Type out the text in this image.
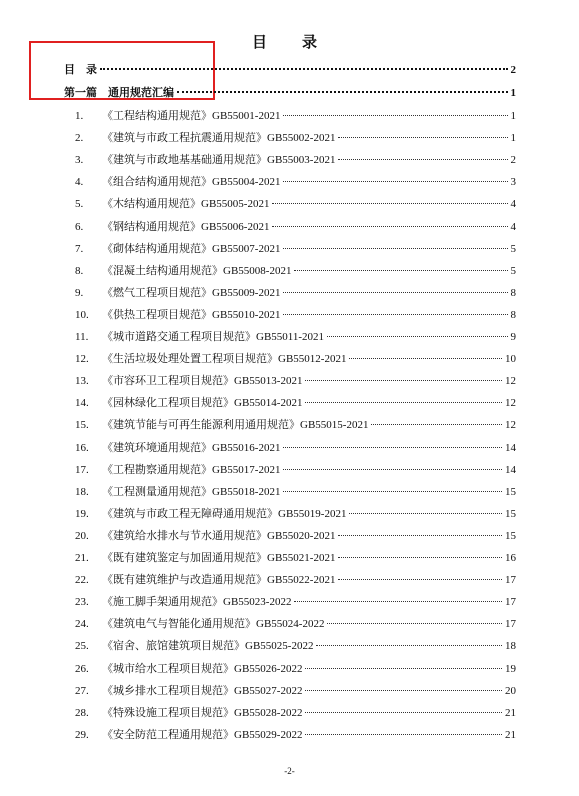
目　录
目　录	2
第一篇　通用规范汇编	1
1.	《工程结构通用规范》GB55001-2021	1
2.	《建筑与市政工程抗震通用规范》GB55002-2021	1
3.	《建筑与市政地基基础通用规范》GB55003-2021	2
4.	《组合结构通用规范》GB55004-2021	3
5.	《木结构通用规范》GB55005-2021	4
6.	《钢结构通用规范》GB55006-2021	4
7.	《砌体结构通用规范》GB55007-2021	5
8.	《混凝土结构通用规范》GB55008-2021	5
9.	《燃气工程项目规范》GB55009-2021	8
10.	《供热工程项目规范》GB55010-2021	8
11.	《城市道路交通工程项目规范》GB55011-2021	9
12.	《生活垃圾处理处置工程项目规范》GB55012-2021	10
13.	《市容环卫工程项目规范》GB55013-2021	12
14.	《园林绿化工程项目规范》GB55014-2021	12
15.	《建筑节能与可再生能源利用通用规范》GB55015-2021	12
16.	《建筑环境通用规范》GB55016-2021	14
17.	《工程勘察通用规范》GB55017-2021	14
18.	《工程测量通用规范》GB55018-2021	15
19.	《建筑与市政工程无障碍通用规范》GB55019-2021	15
20.	《建筑给水排水与节水通用规范》GB55020-2021	15
21.	《既有建筑鉴定与加固通用规范》GB55021-2021	16
22.	《既有建筑维护与改造通用规范》GB55022-2021	17
23.	《施工脚手架通用规范》GB55023-2022	17
24.	《建筑电气与智能化通用规范》GB55024-2022	17
25.	《宿舍、旅馆建筑项目规范》GB55025-2022	18
26.	《城市给水工程项目规范》GB55026-2022	19
27.	《城乡排水工程项目规范》GB55027-2022	20
28.	《特殊设施工程项目规范》GB55028-2022	21
29.	《安全防范工程通用规范》GB55029-2022	21
-2-
